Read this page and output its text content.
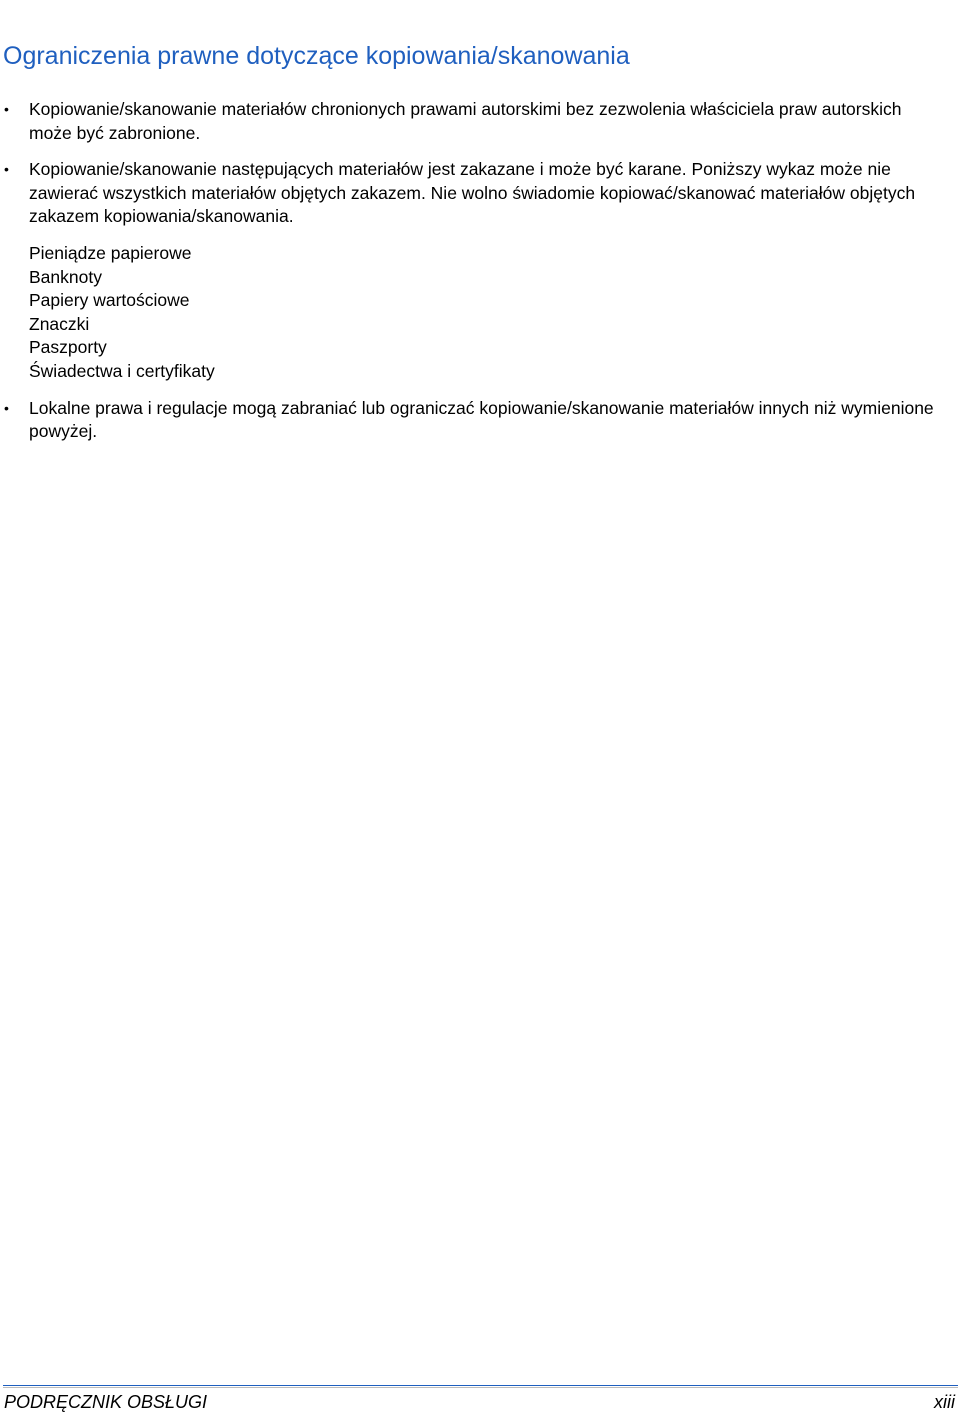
Ograniczenia prawne dotyczące kopiowania/skanowania

• Kopiowanie/skanowanie materiałów chronionych prawami autorskimi bez zezwolenia właściciela praw autorskich może być zabronione.

• Kopiowanie/skanowanie następujących materiałów jest zakazane i może być karane. Poniższy wykaz może nie zawierać wszystkich materiałów objętych zakazem. Nie wolno świadomie kopiować/skanować materiałów objętych zakazem kopiowania/skanowania.

Pieniądze papierowe
Banknoty
Papiery wartościowe
Znaczki
Paszporty
Świadectwa i certyfikaty

• Lokalne prawa i regulacje mogą zabraniać lub ograniczać kopiowanie/skanowanie materiałów innych niż wymienione powyżej.

PODRĘCZNIK OBSŁUGI	xiii
